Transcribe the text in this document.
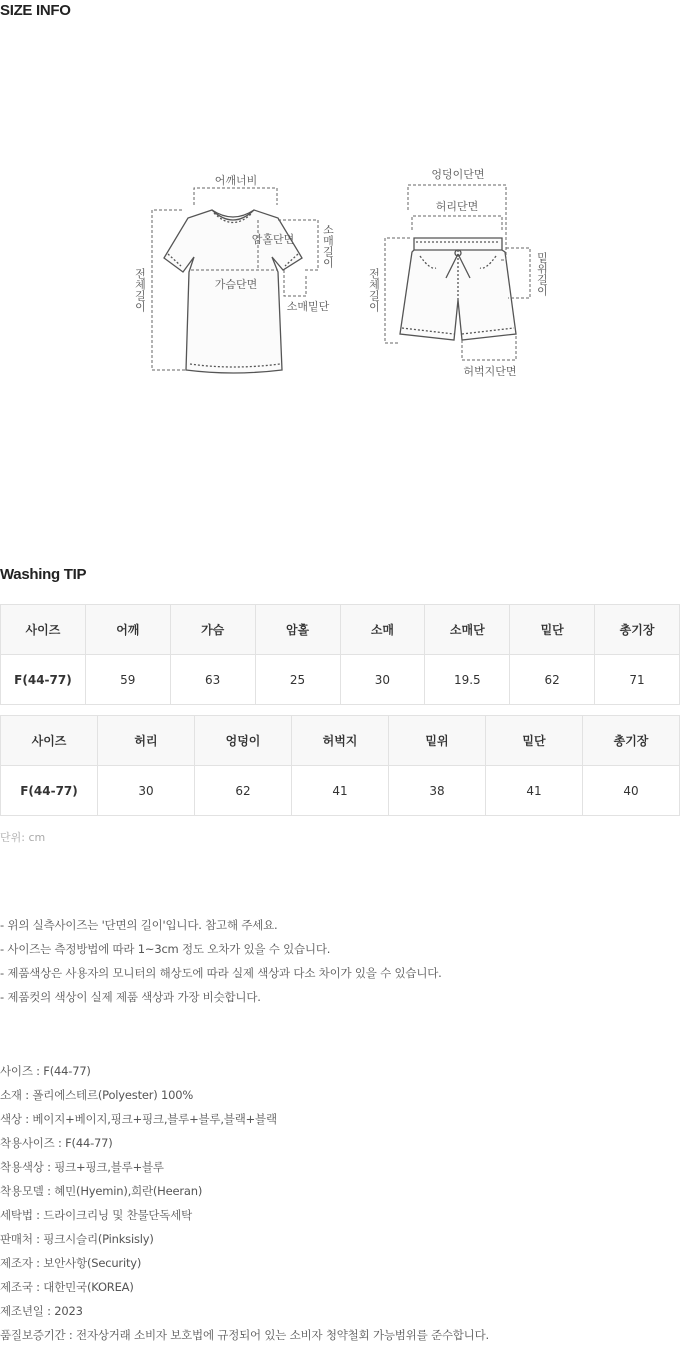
SIZE INFO
어깨너비
암홀단면
가슴단면
소매밑단
소매길이
전체길이
엉덩이단면
허리단면
전체길이	밑위길이
허벅지단면
Washing TIP
사이즈	어깨	가슴	암홀	소매	소매단	밑단	총기장
F(44-77)	59	63	25	30	19.5	62	71
사이즈	허리	엉덩이	허벅지	밑위	밑단	총기장
F(44-77)	30	62	41	38	41	40
단위: cm
- 위의 실측사이즈는 '단면의 길이'입니다. 참고해 주세요.
- 사이즈는 측정방법에 따라 1~3cm 정도 오차가 있을 수 있습니다.
- 제품색상은 사용자의 모니터의 해상도에 따라 실제 색상과 다소 차이가 있을 수 있습니다.
- 제품컷의 색상이 실제 제품 색상과 가장 비슷합니다.
사이즈 : F(44-77)
소재 : 폴리에스테르(Polyester) 100%
색상 : 베이지+베이지,핑크+핑크,블루+블루,블랙+블랙
착용사이즈 : F(44-77)
착용색상 : 핑크+핑크,블루+블루
착용모델 : 혜민(Hyemin),희란(Heeran)
세탁법 : 드라이크리닝 및 찬물단독세탁
판매처 : 핑크시슬리(Pinksisly)
제조자 : 보안사항(Security)
제조국 : 대한민국(KOREA)
제조년일 : 2023
품질보증기간 : 전자상거래 소비자 보호법에 규정되어 있는 소비자 청약철회 가능범위를 준수합니다.
